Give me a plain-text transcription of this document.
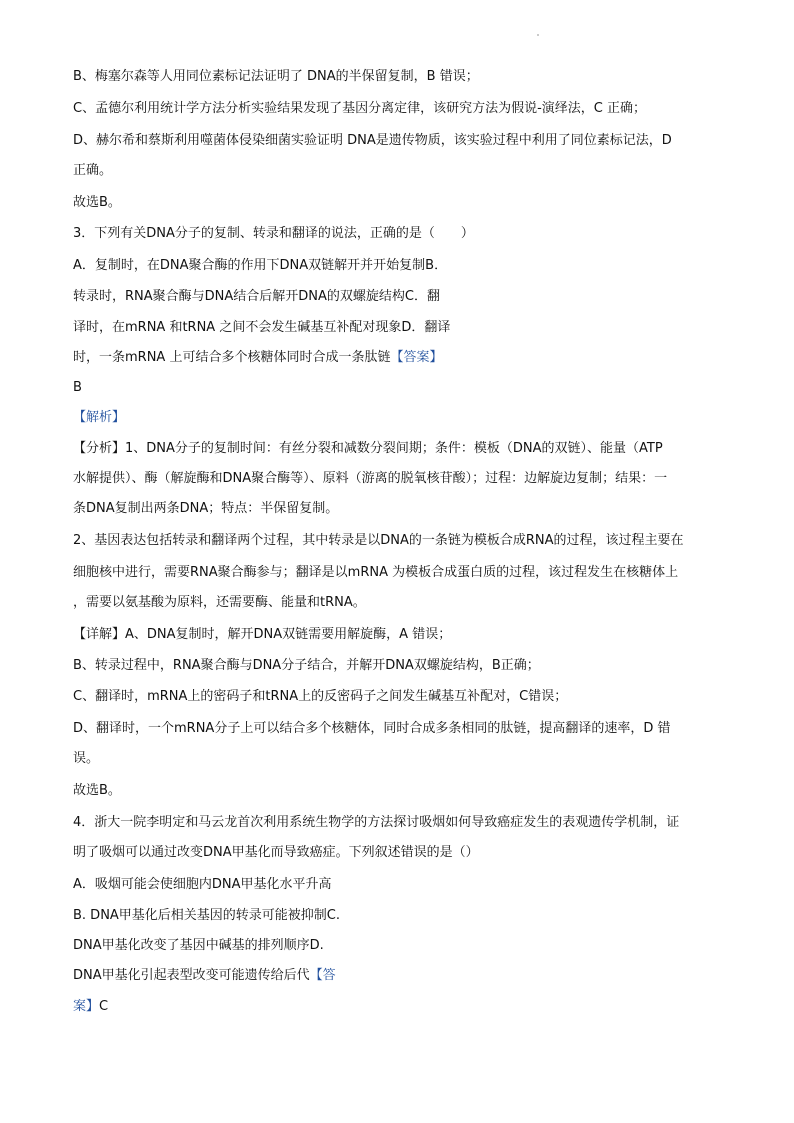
B、梅塞尔森等人用同位素标记法证明了 DNA的半保留复制，B 错误；
C、孟德尔利用统计学方法分析实验结果发现了基因分离定律，该研究方法为假说-演绎法，C 正确；
D、赫尔希和蔡斯利用噬菌体侵染细菌实验证明 DNA是遗传物质，该实验过程中利用了同位素标记法，D
正确。
故选B。
3．下列有关DNA分子的复制、转录和翻译的说法，正确的是（　　）
A．复制时，在DNA聚合酶的作用下DNA双链解开并开始复制B．
转录时，RNA聚合酶与DNA结合后解开DNA的双螺旋结构C．翻
译时，在mRNA 和tRNA 之间不会发生碱基互补配对现象D．翻译
时，一条mRNA 上可结合多个核糖体同时合成一条肽链【答案】
B
【解析】
【分析】1、DNA分子的复制时间：有丝分裂和减数分裂间期；条件：模板（DNA的双链）、能量（ATP
水解提供）、酶（解旋酶和DNA聚合酶等）、原料（游离的脱氧核苷酸）；过程：边解旋边复制；结果：一
条DNA复制出两条DNA；特点：半保留复制。
2、基因表达包括转录和翻译两个过程，其中转录是以DNA的一条链为模板合成RNA的过程，该过程主要在
细胞核中进行，需要RNA聚合酶参与；翻译是以mRNA 为模板合成蛋白质的过程，该过程发生在核糖体上
，需要以氨基酸为原料，还需要酶、能量和tRNA。
【详解】A、DNA复制时，解开DNA双链需要用解旋酶，A 错误；
B、转录过程中，RNA聚合酶与DNA分子结合，并解开DNA双螺旋结构，B正确；
C、翻译时，mRNA上的密码子和tRNA上的反密码子之间发生碱基互补配对，C错误；
D、翻译时，一个mRNA分子上可以结合多个核糖体，同时合成多条相同的肽链，提高翻译的速率，D 错
误。
故选B。
4．浙大一院李明定和马云龙首次利用系统生物学的方法探讨吸烟如何导致癌症发生的表观遗传学机制，证
明了吸烟可以通过改变DNA甲基化而导致癌症。下列叙述错误的是（）
A．吸烟可能会使细胞内DNA甲基化水平升高
B. DNA甲基化后相关基因的转录可能被抑制C.
DNA甲基化改变了基因中碱基的排列顺序D.
DNA甲基化引起表型改变可能遗传给后代【答
案】C
